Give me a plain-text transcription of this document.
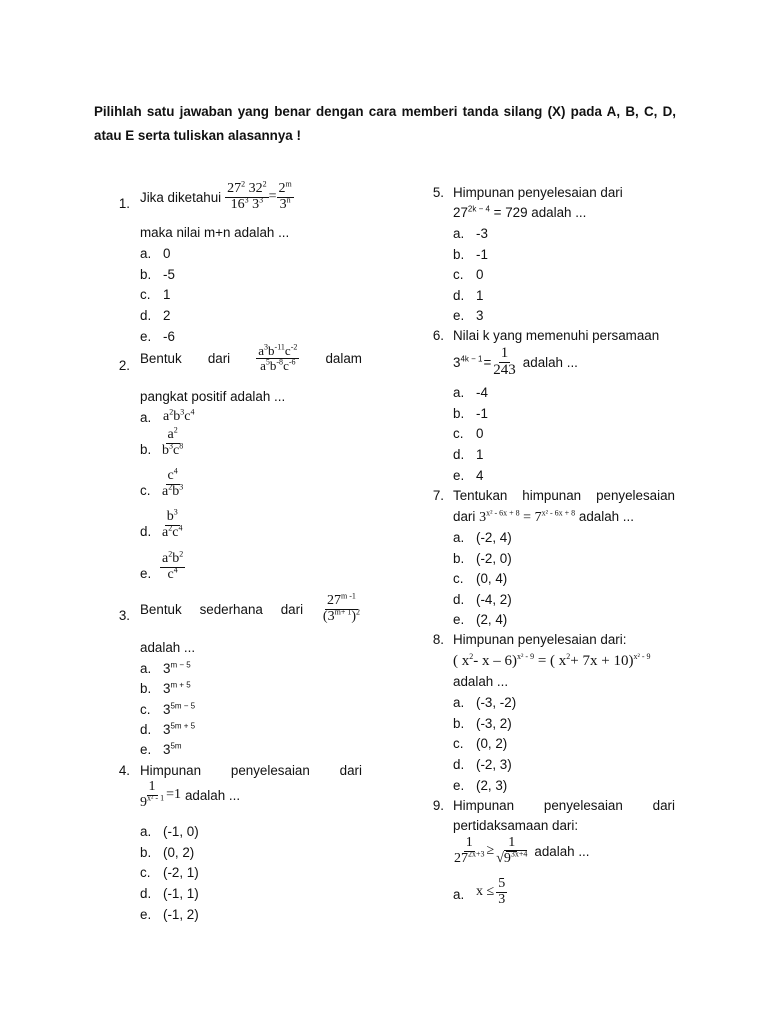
Pilihlah satu jawaban yang benar dengan cara memberi tanda silang (X) pada A, B, C, D, atau E serta tuliskan alasannya !
1. Jika diketahui $\frac{27^2 32^2}{16^3 3^3} = \frac{2^m}{3^n}$
maka nilai m+n adalah ...
a. 0
b. -5
c. 1
d. 2
e. -6
2. Bentuk dari $\frac{a^3b^{-11}c^{-2}}{a^5b^{-8}c^{-6}}$ dalam
pangkat positif adalah ...
a. $a^2b^3c^4$
b. $\frac{a^2}{b^3c^8}$
c. $\frac{c^4}{a^2b^3}$
d. $\frac{b^3}{a^2c^4}$
e. $\frac{a^2b^2}{c^4}$
3. Bentuk sederhana dari $\frac{27^{m -1}}{(3^{m+ 1})^2}$
adalah ...
a. $3^{m - 5}$
b. $3^{m + 5}$
c. $3^{5m - 5}$
d. $3^{5m + 5}$
e. $3^{5m}$
4. Himpunan penyelesaian dari
$\frac{1}{9^{x^2 - 1}} =1$ adalah ...
a. (-1, 0)
b. (0, 2)
c. (-2, 1)
d. (-1, 1)
e. (-1, 2)
5. Himpunan penyelesaian dari
$27^{2k - 4} = 729$ adalah ...
a. -3
b. -1
c. 0
d. 1
e. 3
6. Nilai k yang memenuhi persamaan
$3^{4k - 1} = \frac{1}{243}$ adalah ...
a. -4
b. -1
c. 0
d. 1
e. 4
7. Tentukan himpunan penyelesaian
dari $3^{x^2 - 6x + 8} = 7^{x^2 - 6x + 8}$ adalah ...
a. (-2, 4)
b. (-2, 0)
c. (0, 4)
d. (-4, 2)
e. (2, 4)
8. Himpunan penyelesaian dari:
( $x^2-$ x – 6)$^{x^2 - 9}$ = ( $x^2+ 7x + 10)^{x^2 - 9}$
adalah ...
a. (-3, -2)
b. (-3, 2)
c. (0, 2)
d. (-2, 3)
e. (2, 3)
9. Himpunan penyelesaian dari
pertidaksamaan dari:
$\frac{1}{27^{2x+3}} \ge \frac{1}{√9^{3x+4}}$ adalah ...
a. $x \le \frac{5}{3}$
